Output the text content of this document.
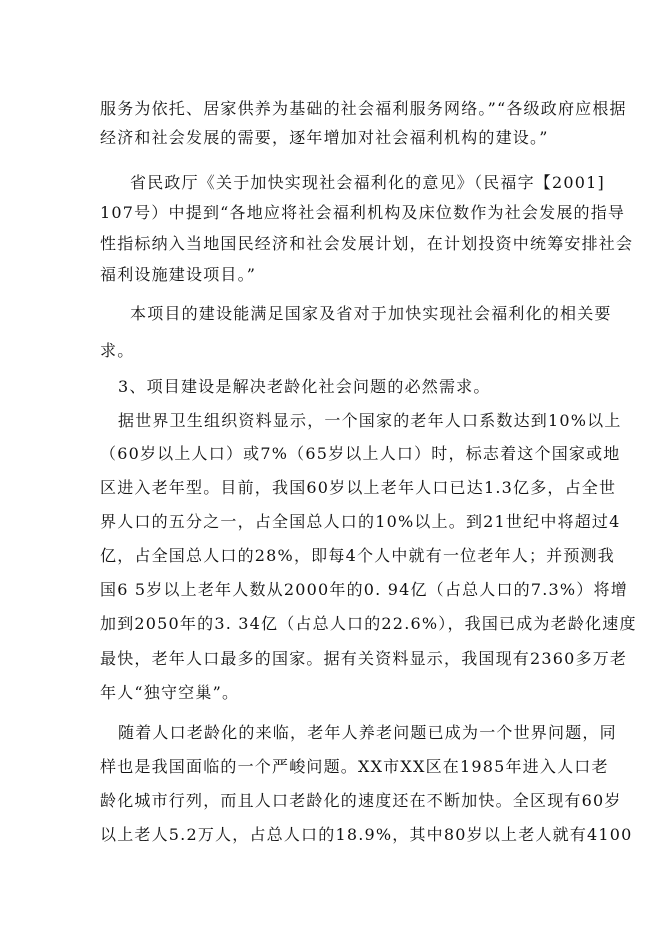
服务为依托、居家供养为基础的社会福利服务网络。”“各级政府应根据
经济和社会发展的需要，逐年增加对社会福利机构的建设。”
省民政厅《关于加快实现社会福利化的意见》（民福字【2001]
107号）中提到“各地应将社会福利机构及床位数作为社会发展的指导
性指标纳入当地国民经济和社会发展计划，在计划投资中统筹安排社会
福利设施建设项目。”
本项目的建设能满足国家及省对于加快实现社会福利化的相关要
求。
3、项目建设是解决老龄化社会问题的必然需求。
据世界卫生组织资料显示，一个国家的老年人口系数达到10%以上
（60岁以上人口）或7%（65岁以上人口）时，标志着这个国家或地
区进入老年型。目前，我国60岁以上老年人口已达1.3亿多，占全世
界人口的五分之一，占全国总人口的10%以上。到21世纪中将超过4
亿，占全国总人口的28%，即每4个人中就有一位老年人；并预测我
国6 5岁以上老年人数从2000年的0. 94亿（占总人口的7.3%）将增
加到2050年的3. 34亿（占总人口的22.6%），我国已成为老龄化速度
最快，老年人口最多的国家。据有关资料显示，我国现有2360多万老
年人“独守空巢”。
随着人口老龄化的来临，老年人养老问题已成为一个世界问题，同
样也是我国面临的一个严峻问题。XX市XX区在1985年进入人口老
龄化城市行列，而且人口老龄化的速度还在不断加快。全区现有60岁
以上老人5.2万人，占总人口的18.9%，其中80岁以上老人就有4100
